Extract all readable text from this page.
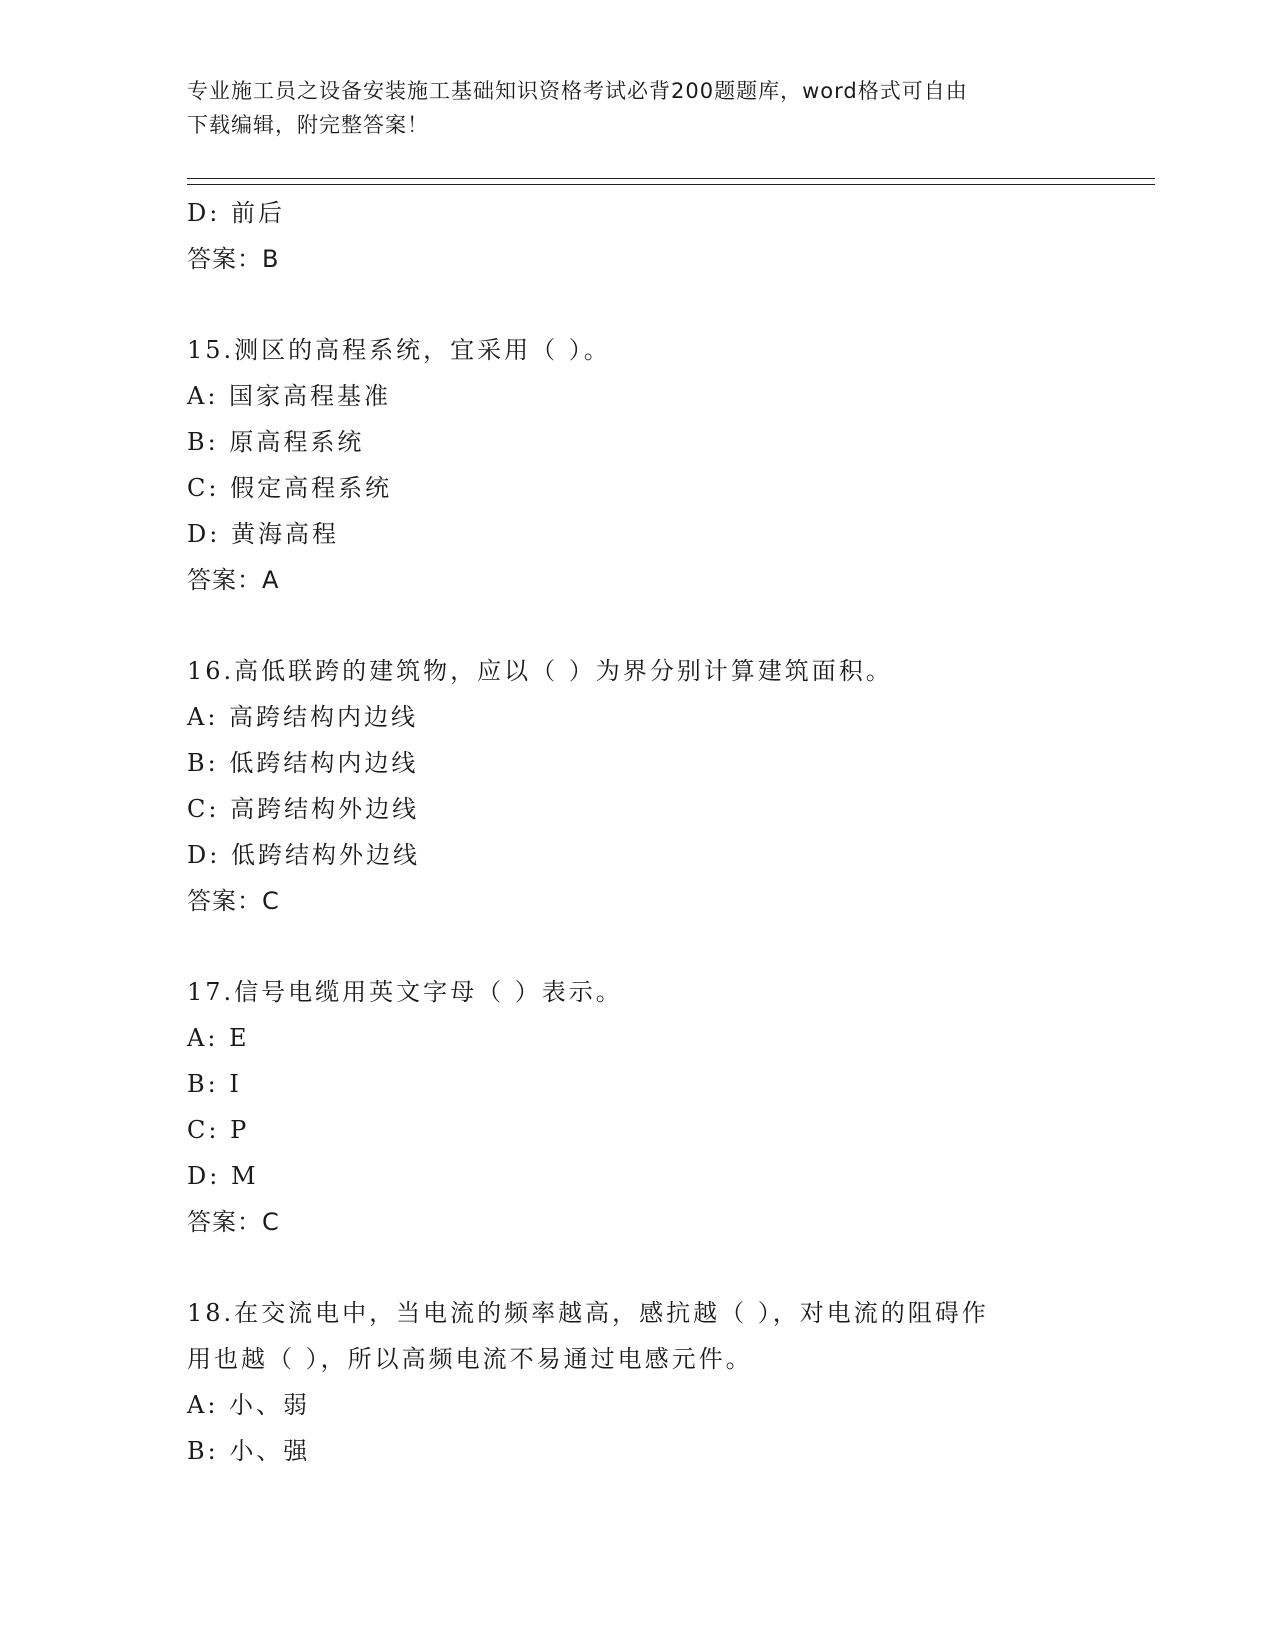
专业施工员之设备安装施工基础知识资格考试必背200题题库，word格式可自由
下载编辑，附完整答案！
D: 前后
答案：B
15.测区的高程系统，宜采用（ ）。
A: 国家高程基准
B: 原高程系统
C: 假定高程系统
D: 黄海高程
答案：A
16.高低联跨的建筑物，应以（ ）为界分别计算建筑面积。
A: 高跨结构内边线
B: 低跨结构内边线
C: 高跨结构外边线
D: 低跨结构外边线
答案：C
17.信号电缆用英文字母（ ）表示。
A: E
B: I
C: P
D: M
答案：C
18.在交流电中，当电流的频率越高，感抗越（ ），对电流的阻碍作
用也越（ ），所以高频电流不易通过电感元件。
A: 小、弱
B: 小、强
